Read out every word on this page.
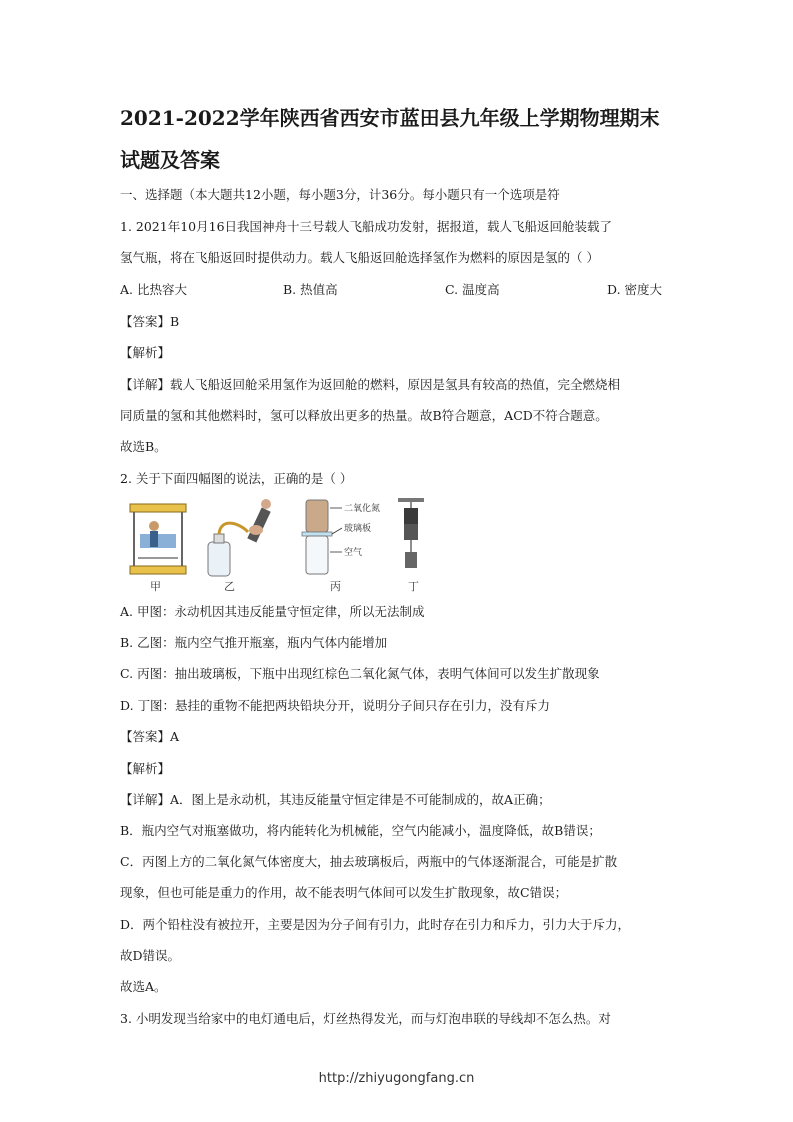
2021-2022学年陕西省西安市蓝田县九年级上学期物理期末
试题及答案
一、选择题（本大题共12小题，每小题3分，计36分。每小题只有一个选项是符
1. 2021年10月16日我国神舟十三号载人飞船成功发射，据报道，载人飞船返回舱装载了
氢气瓶，将在飞船返回时提供动力。载人飞船返回舱选择氢作为燃料的原因是氢的（ ）
A. 比热容大	B. 热值高	C. 温度高	D. 密度大
【答案】B
【解析】
【详解】载人飞船返回舱采用氢作为返回舱的燃料，原因是氢具有较高的热值，完全燃烧相
同质量的氢和其他燃料时，氢可以释放出更多的热量。故B符合题意，ACD不符合题意。
故选B。
2. 关于下面四幅图的说法，正确的是（ ）
二氧化氮
玻璃板
空气
甲	乙	丙	丁
A. 甲图：永动机因其违反能量守恒定律，所以无法制成
B. 乙图：瓶内空气推开瓶塞，瓶内气体内能增加
C. 丙图：抽出玻璃板，下瓶中出现红棕色二氧化氮气体，表明气体间可以发生扩散现象
D. 丁图：悬挂的重物不能把两块铅块分开，说明分子间只存在引力，没有斥力
【答案】A
【解析】
【详解】A．图上是永动机，其违反能量守恒定律是不可能制成的，故A正确；
B．瓶内空气对瓶塞做功，将内能转化为机械能，空气内能减小，温度降低，故B错误；
C．丙图上方的二氧化氮气体密度大，抽去玻璃板后，两瓶中的气体逐渐混合，可能是扩散
现象，但也可能是重力的作用，故不能表明气体间可以发生扩散现象，故C错误；
D．两个铅柱没有被拉开，主要是因为分子间有引力，此时存在引力和斥力，引力大于斥力，
故D错误。
故选A。
3. 小明发现当给家中的电灯通电后，灯丝热得发光，而与灯泡串联的导线却不怎么热。对
http://zhiyugongfang.cn
